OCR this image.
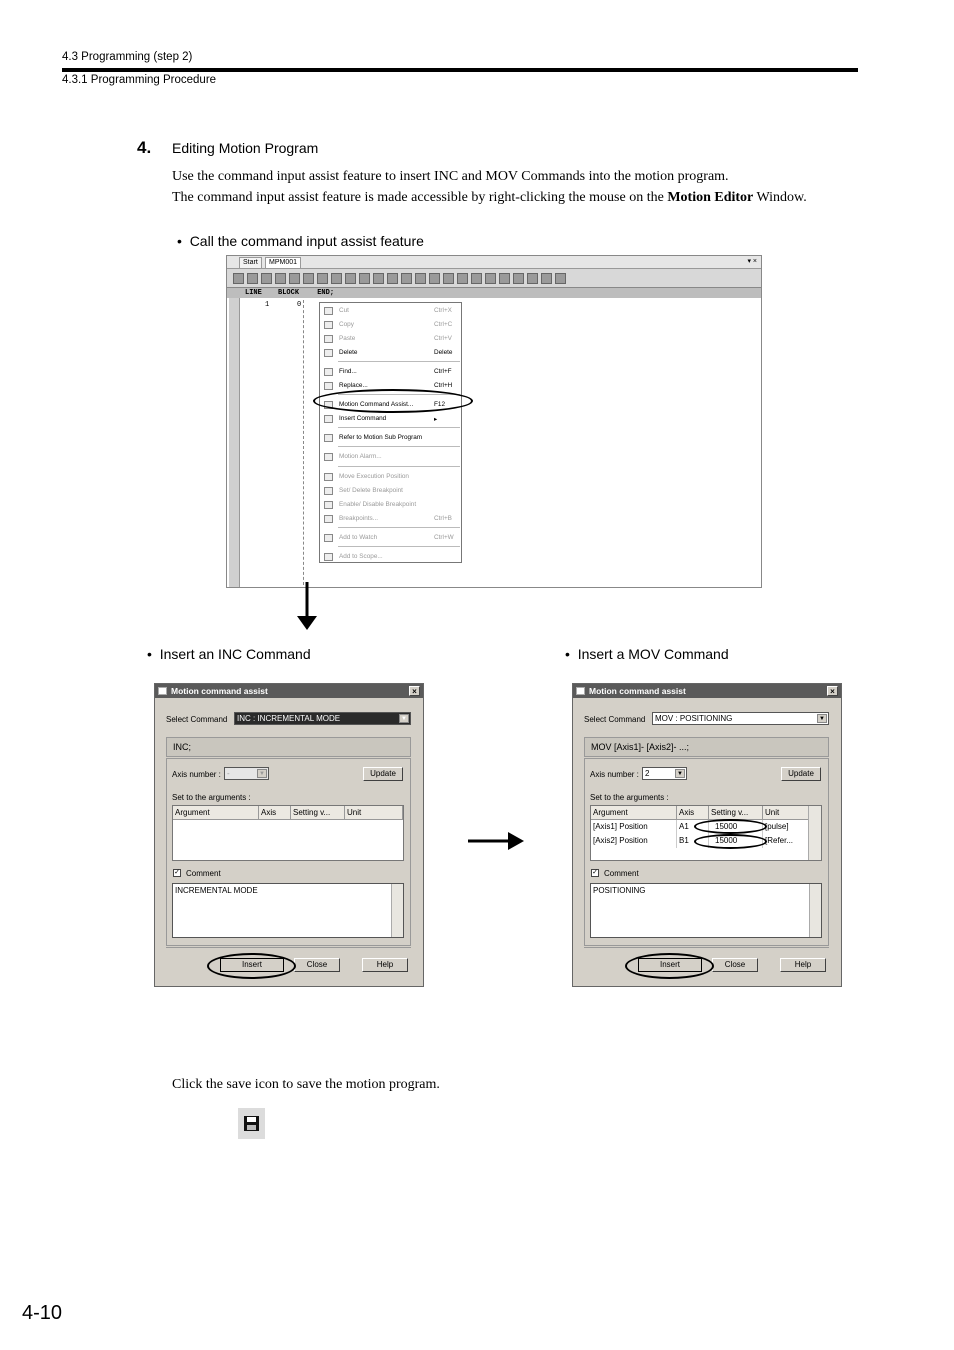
4.3 Programming (step 2)
4.3.1 Programming Procedure
4. Editing Motion Program
Use the command input assist feature to insert INC and MOV Commands into the motion program.
The command input assist feature is made accessible by right-clicking the mouse on the Motion Editor Window.
• Call the command input assist feature
Start	MPM001	▾ ×
LINE BLOCK	END;
1	0
Cut	Ctrl+X
Copy	Ctrl+C
Paste	Ctrl+V
Delete	Delete
Find...	Ctrl+F
Replace...	Ctrl+H
Motion Command Assist...	F12
Insert Command	▸
Refer to Motion Sub Program
Motion Alarm...
Move Execution Position
Set/ Delete Breakpoint
Enable/ Disable Breakpoint
Breakpoints...	Ctrl+B
Add to Watch	Ctrl+W
Add to Scope...
• Insert an INC Command	• Insert a MOV Command
Motion command assist	×
Select Command	INC : INCREMENTAL MODE	▼
INC;
Axis number : -	▼	Update
Set to the arguments :
Argument	Axis	Setting v...	Unit
✓ Comment
INCREMENTAL MODE
Insert	Close	Help
Motion command assist	×
Select Command	MOV : POSITIONING	▼
MOV [Axis1]- [Axis2]- ...;
Axis number : 2	▼	Update
Set to the arguments :
Argument	Axis	Setting v...	Unit
[Axis1] Position	A1	15000	[pulse]
[Axis2] Position	B1	15000	[Refer...
✓ Comment
POSITIONING
Insert	Close	Help
Click the save icon to save the motion program.
4-10
